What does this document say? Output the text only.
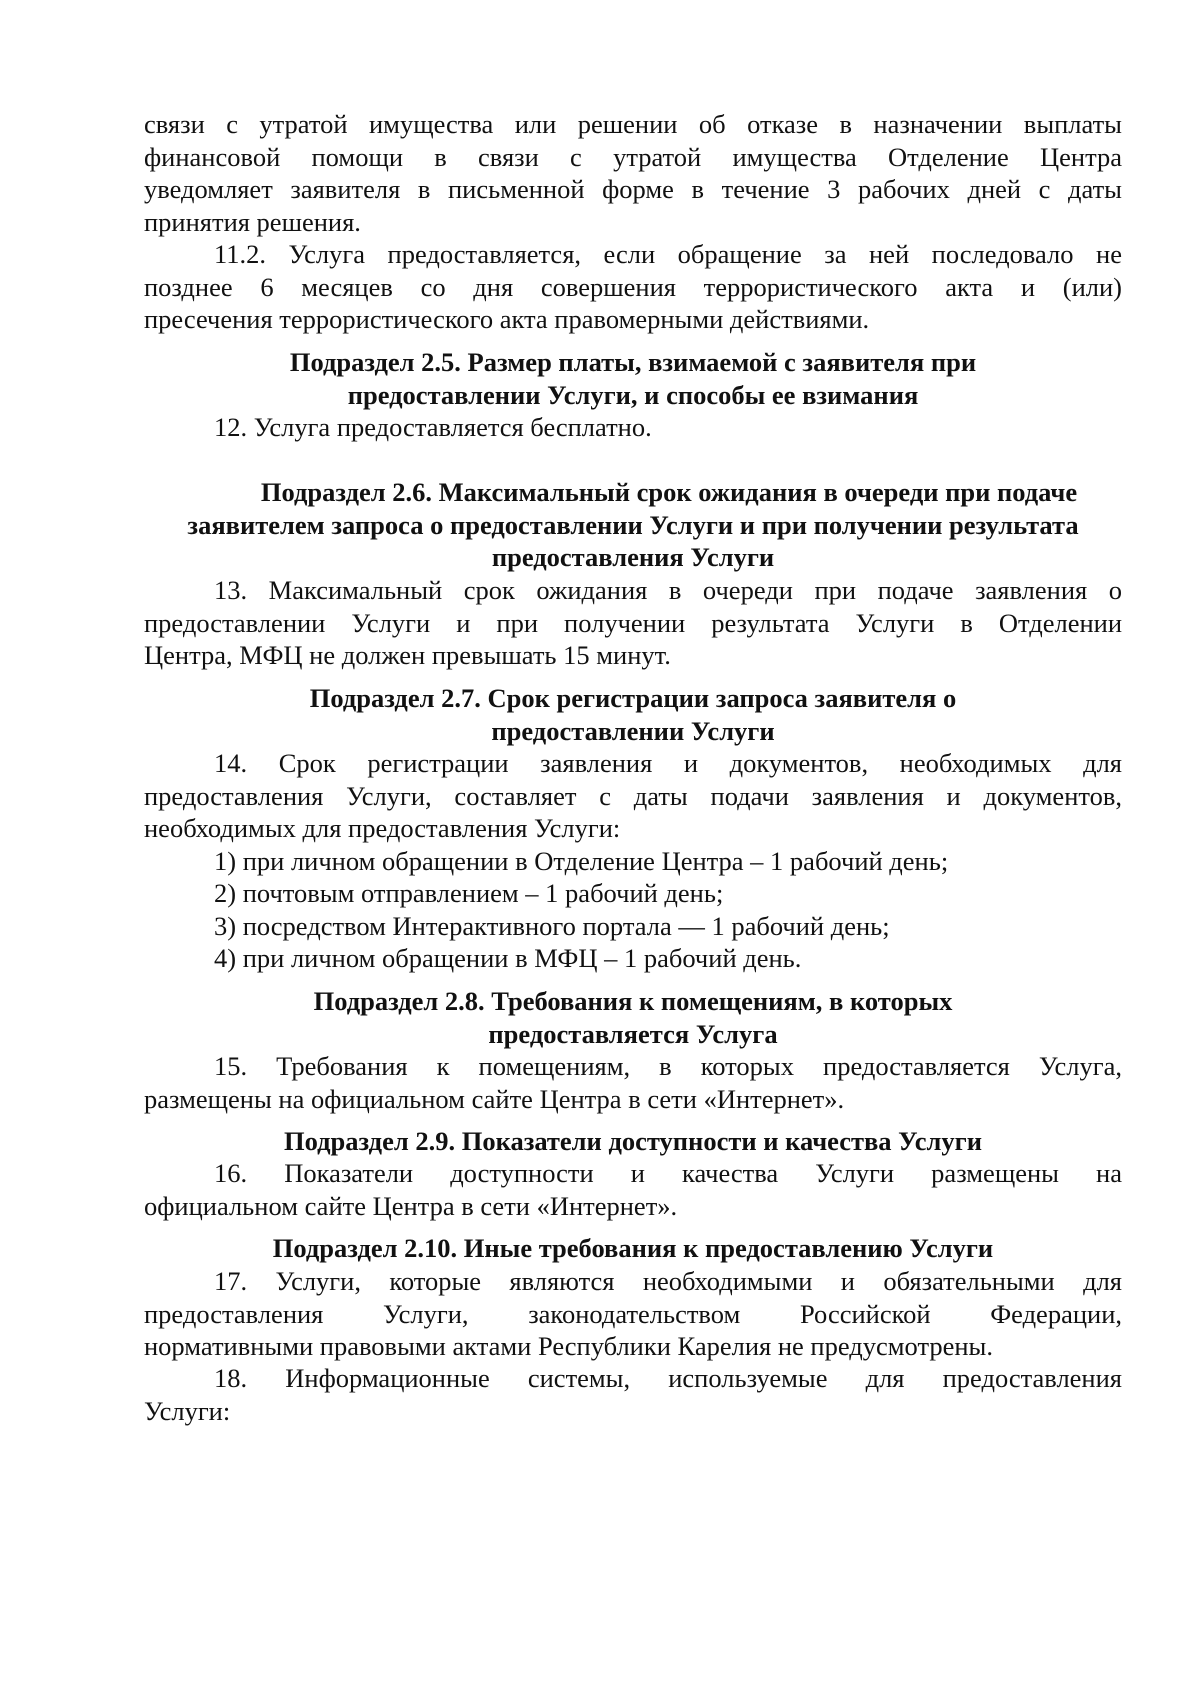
связи с утратой имущества или решении об отказе в назначении выплаты
финансовой помощи в связи с утратой имущества Отделение Центра
уведомляет заявителя в письменной форме в течение 3 рабочих дней с даты
принятия решения.
11.2. Услуга предоставляется, если обращение за ней последовало не
позднее 6 месяцев со дня совершения террористического акта и (или)
пресечения террористического акта правомерными действиями.
Подраздел 2.5. Размер платы, взимаемой с заявителя при
предоставлении Услуги, и способы ее взимания
12. Услуга предоставляется бесплатно.
Подраздел 2.6. Максимальный срок ожидания в очереди при подаче
заявителем запроса о предоставлении Услуги и при получении результата
предоставления Услуги
13. Максимальный срок ожидания в очереди при подаче заявления о
предоставлении Услуги и при получении результата Услуги в Отделении
Центра, МФЦ не должен превышать 15 минут.
Подраздел 2.7. Срок регистрации запроса заявителя о
предоставлении Услуги
14. Срок регистрации заявления и документов, необходимых для
предоставления Услуги, составляет с даты подачи заявления и документов,
необходимых для предоставления Услуги:
1) при личном обращении в Отделение Центра – 1 рабочий день;
2) почтовым отправлением – 1 рабочий день;
3) посредством Интерактивного портала — 1 рабочий день;
4) при личном обращении в МФЦ – 1 рабочий день.
Подраздел 2.8. Требования к помещениям, в которых
предоставляется Услуга
15. Требования к помещениям, в которых предоставляется Услуга,
размещены на официальном сайте Центра в сети «Интернет».
Подраздел 2.9. Показатели доступности и качества Услуги
16. Показатели доступности и качества Услуги размещены на
официальном сайте Центра в сети «Интернет».
Подраздел 2.10. Иные требования к предоставлению Услуги
17. Услуги, которые являются необходимыми и обязательными для
предоставления Услуги, законодательством Российской Федерации,
нормативными правовыми актами Республики Карелия не предусмотрены.
18. Информационные системы, используемые для предоставления
Услуги:
